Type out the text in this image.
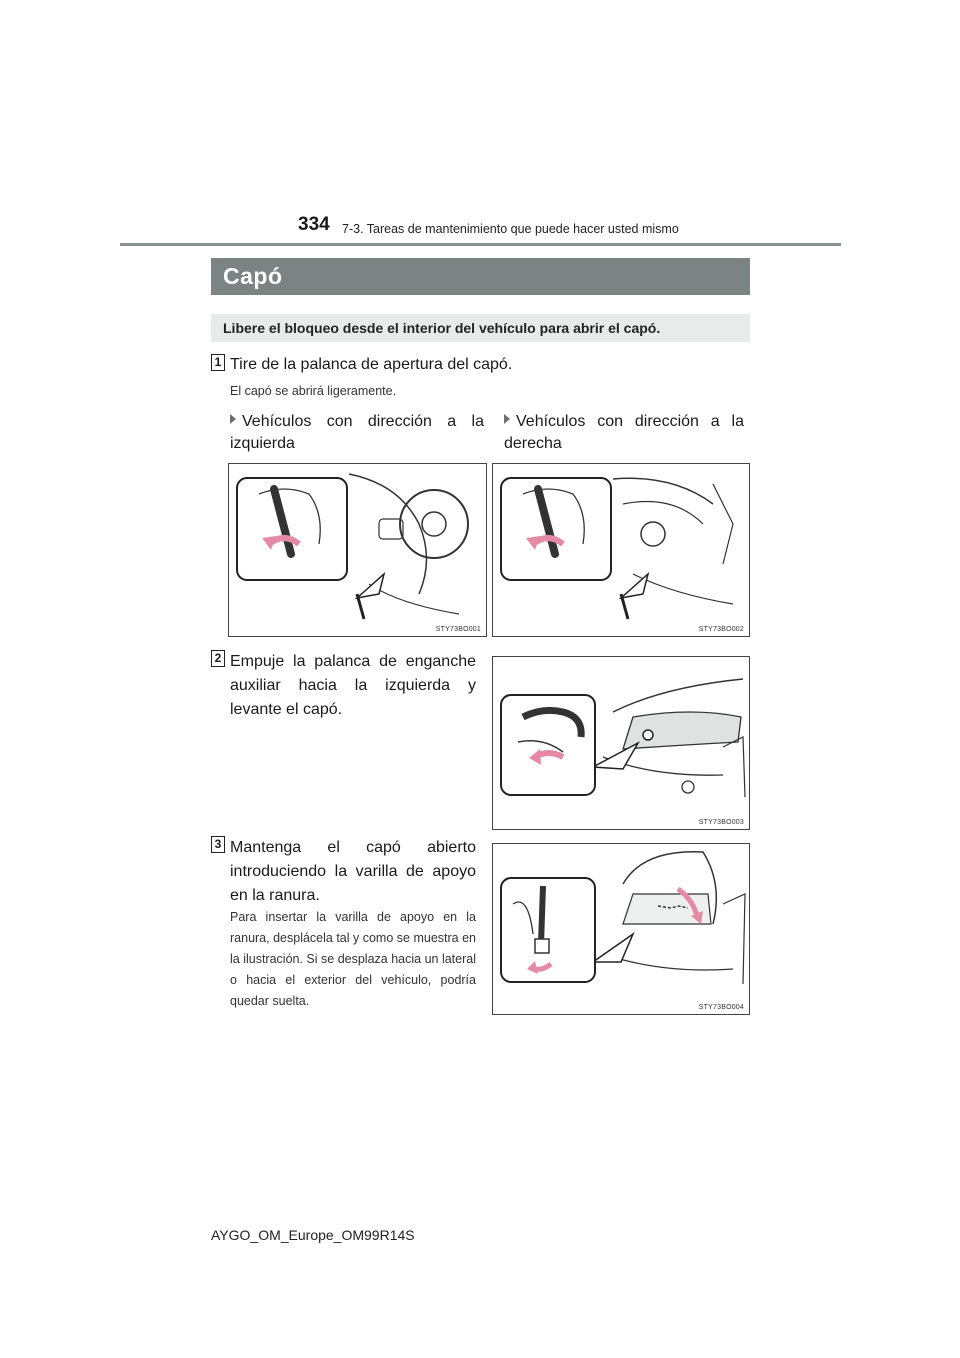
334 7-3. Tareas de mantenimiento que puede hacer usted mismo
Capó
Libere el bloqueo desde el interior del vehículo para abrir el capó.
1 Tire de la palanca de apertura del capó.
El capó se abrirá ligeramente.
Vehículos con dirección a la izquierda
Vehículos con dirección a la derecha
STY73BO001	STY73BO002
2 Empuje la palanca de enganche auxiliar hacia la izquierda y levante el capó.
STY73BO003
3 Mantenga el capó abierto introduciendo la varilla de apoyo en la ranura.
Para insertar la varilla de apoyo en la ranura, desplácela tal y como se muestra en la ilustración. Si se desplaza hacia un lateral o hacia el exterior del vehículo, podría quedar suelta.	STY73BO004
AYGO_OM_Europe_OM99R14S
